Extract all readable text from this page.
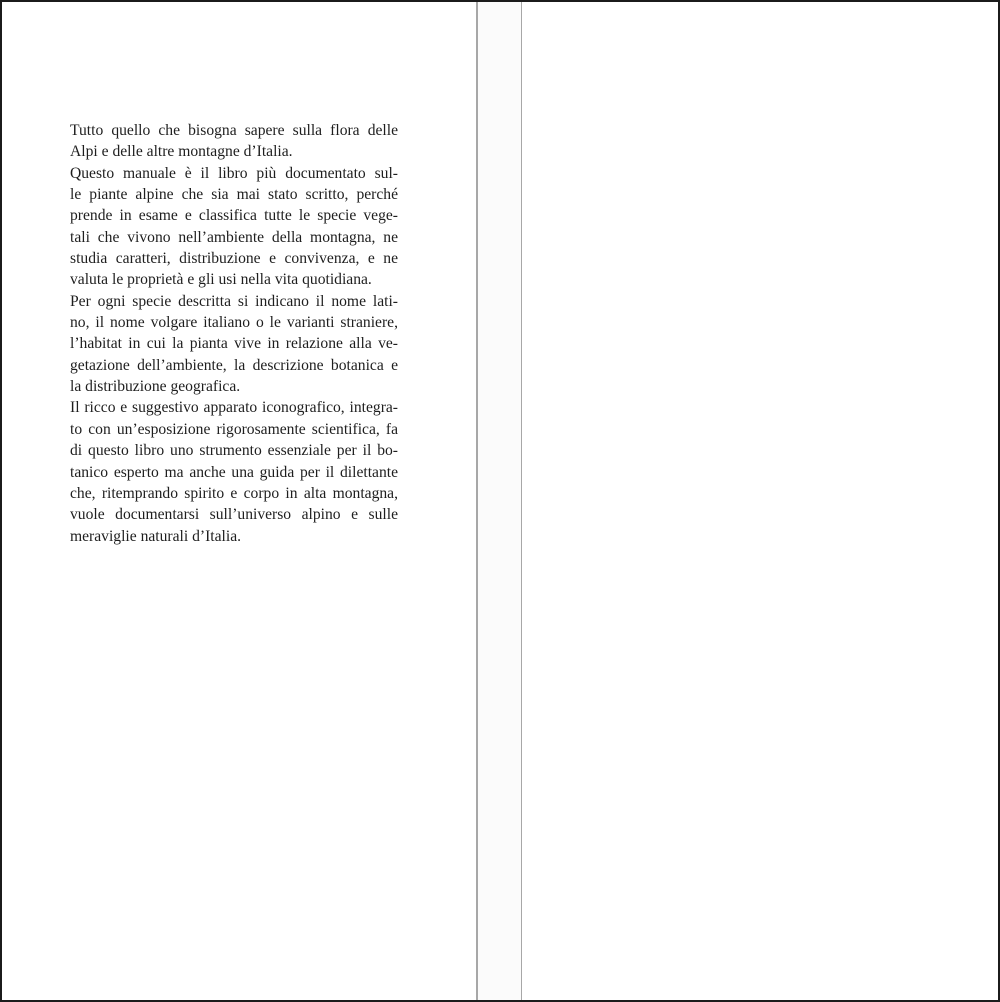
Tutto quello che bisogna sapere sulla flora delle
Alpi e delle altre montagne d’Italia.
Questo manuale è il libro più documentato sul-
le piante alpine che sia mai stato scritto, perché
prende in esame e classifica tutte le specie vege-
tali che vivono nell’ambiente della montagna, ne
studia caratteri, distribuzione e convivenza, e ne
valuta le proprietà e gli usi nella vita quotidiana.
Per ogni specie descritta si indicano il nome lati-
no, il nome volgare italiano o le varianti straniere,
l’habitat in cui la pianta vive in relazione alla ve-
getazione dell’ambiente, la descrizione botanica e
la distribuzione geografica.
Il ricco e suggestivo apparato iconografico, integra-
to con un’esposizione rigorosamente scientifica, fa
di questo libro uno strumento essenziale per il bo-
tanico esperto ma anche una guida per il dilettante
che, ritemprando spirito e corpo in alta montagna,
vuole documentarsi sull’universo alpino e sulle
meraviglie naturali d’Italia.
